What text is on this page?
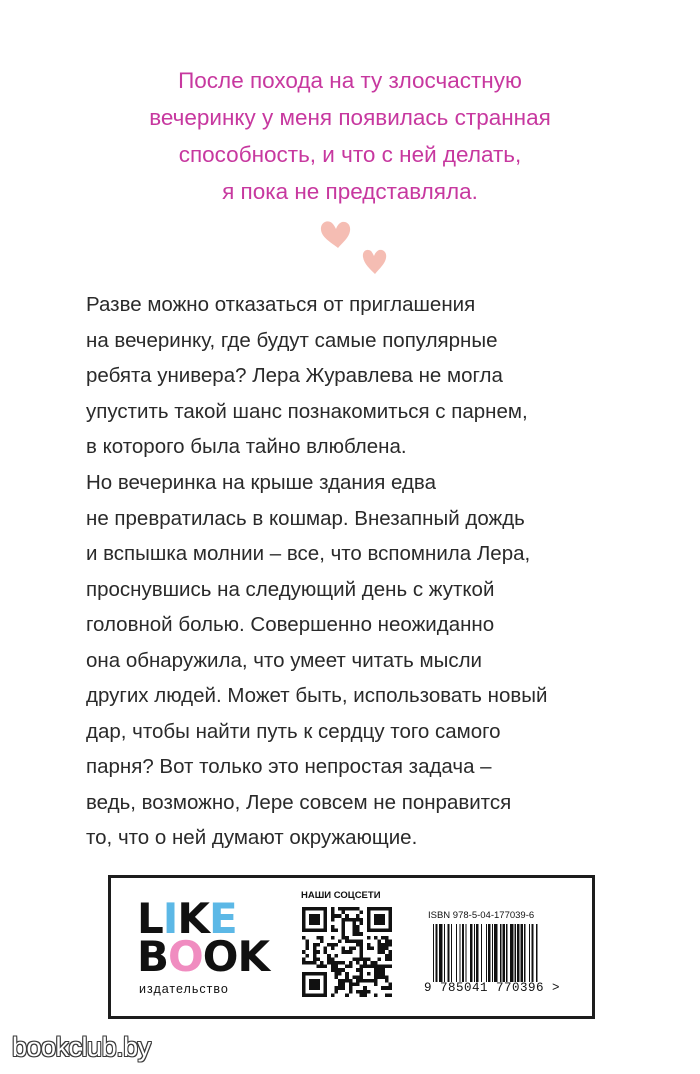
После похода на ту злосчастную
вечеринку у меня появилась странная
способность, и что с ней делать,
я пока не представляла.

Разве можно отказаться от приглашения
на вечеринку, где будут самые популярные
ребята универа? Лера Журавлева не могла
упустить такой шанс познакомиться с парнем,
в которого была тайно влюблена.

Но вечеринка на крыше здания едва
не превратилась в кошмар. Внезапный дождь
и вспышка молнии – все, что вспомнила Лера,
проснувшись на следующий день с жуткой
головной болью. Совершенно неожиданно
она обнаружила, что умеет читать мысли
других людей. Может быть, использовать новый
дар, чтобы найти путь к сердцу того самого
парня? Вот только это непростая задача –
ведь, возможно, Лере совсем не понравится
то, что о ней думают окружающие.

LIKE
BOOK
издательство
НАШИ СОЦСЕТИ
ISBN 978-5-04-177039-6
9 785041 770396 >
bookclub.by
